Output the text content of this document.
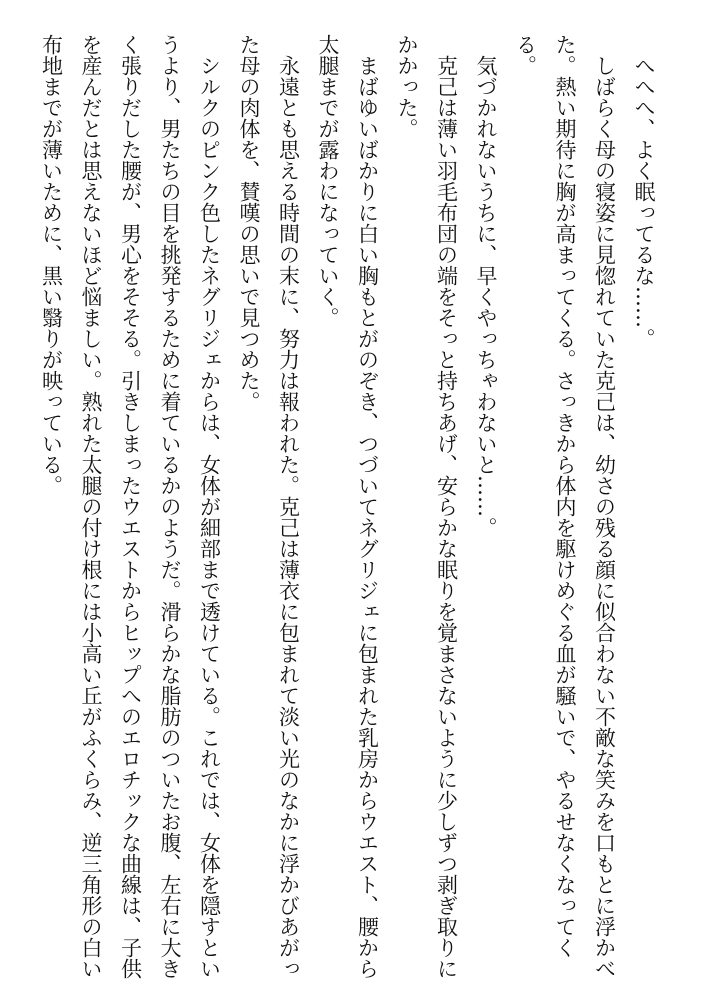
へへへ、よく眠ってるな……。

しばらく母の寝姿に見惚れていた克己は、幼さの残る顔に似合わない不敵な笑みを口もとに浮かべた。熱い期待に胸が高まってくる。さっきから体内を駆けめぐる血が騒いで、やるせなくなってくる。

気づかれないうちに、早くやっちゃわないと……。

克己は薄い羽毛布団の端をそっと持ちあげ、安らかな眠りを覚まさないように少しずつ剥ぎ取りにかかった。

まばゆいばかりに白い胸もとがのぞき、つづいてネグリジェに包まれた乳房からウエスト、腰から太腿までが露わになっていく。

永遠とも思える時間の末に、努力は報われた。克己は薄衣に包まれて淡い光のなかに浮かびあがった母の肉体を、賛嘆の思いで見つめた。

シルクのピンク色したネグリジェからは、女体が細部まで透けている。これでは、女体を隠すというより、男たちの目を挑発するために着ているかのようだ。滑らかな脂肪のついたお腹、左右に大きく張りだした腰が、男心をそそる。引きしまったウエストからヒップへのエロチックな曲線は、子供を産んだとは思えないほど悩ましい。熟れた太腿の付け根には小高い丘がふくらみ、逆三角形の白い布地までが薄いために、黒い翳りが映っている。
